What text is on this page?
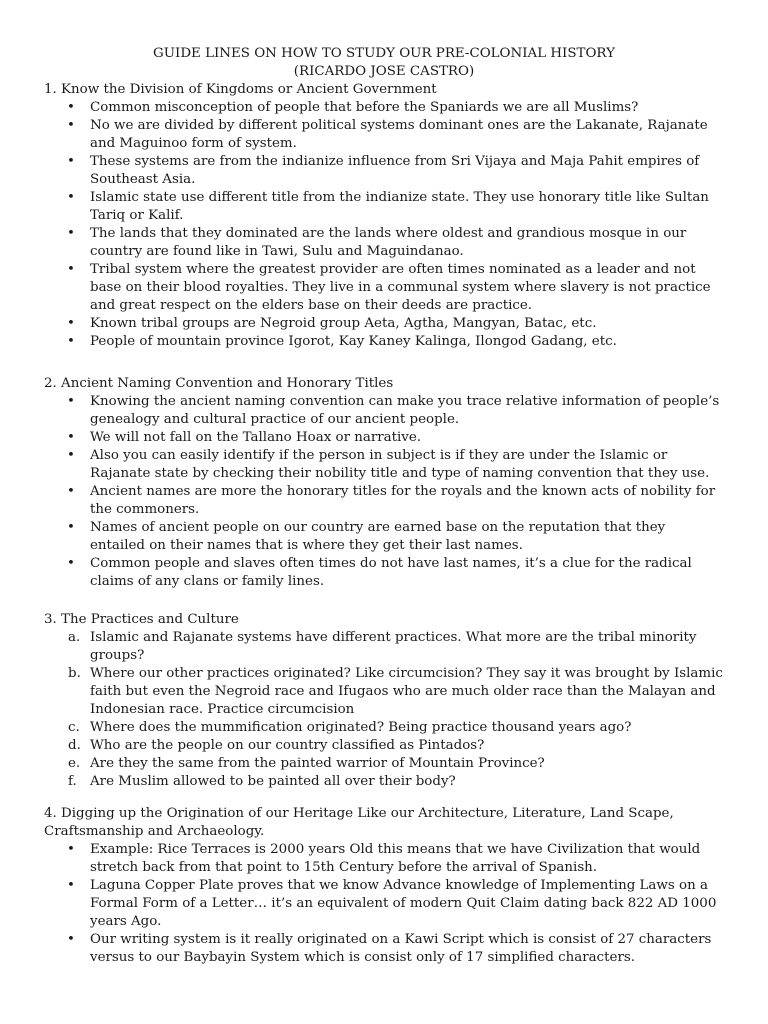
GUIDE LINES ON HOW TO STUDY OUR PRE-COLONIAL HISTORY

(RICARDO JOSE CASTRO)

1. Know the Division of Kingdoms or Ancient Government

• Common misconception of people that before the Spaniards we are all Muslims?
• No we are divided by different political systems dominant ones are the Lakanate, Rajanate and Maguinoo form of system.
• These systems are from the indianize influence from Sri Vijaya and Maja Pahit empires of Southeast Asia.
• Islamic state use different title from the indianize state. They use honorary title like Sultan Tariq or Kalif.
• The lands that they dominated are the lands where oldest and grandious mosque in our country are found like in Tawi, Sulu and Maguindanao.
• Tribal system where the greatest provider are often times nominated as a leader and not base on their blood royalties. They live in a communal system where slavery is not practice and great respect on the elders base on their deeds are practice.
• Known tribal groups are Negroid group Aeta, Agtha, Mangyan, Batac, etc.
• People of mountain province Igorot, Kay Kaney Kalinga, Ilongod Gadang, etc.

2. Ancient Naming Convention and Honorary Titles

• Knowing the ancient naming convention can make you trace relative information of people’s genealogy and cultural practice of our ancient people.
• We will not fall on the Tallano Hoax or narrative.
• Also you can easily identify if the person in subject is if they are under the Islamic or Rajanate state by checking their nobility title and type of naming convention that they use.
• Ancient names are more the honorary titles for the royals and the known acts of nobility for the commoners.
• Names of ancient people on our country are earned base on the reputation that they entailed on their names that is where they get their last names.
• Common people and slaves often times do not have last names, it’s a clue for the radical claims of any clans or family lines.

3. The Practices and Culture

a. Islamic and Rajanate systems have different practices. What more are the tribal minority groups?
b. Where our other practices originated? Like circumcision? They say it was brought by Islamic faith but even the Negroid race and Ifugaos who are much older race than the Malayan and Indonesian race. Practice circumcision
c. Where does the mummification originated? Being practice thousand years ago?
d. Who are the people on our country classified as Pintados?
e. Are they the same from the painted warrior of Mountain Province?
f. Are Muslim allowed to be painted all over their body?

4. Digging up the Origination of our Heritage Like our Architecture, Literature, Land Scape, Craftsmanship and Archaeology.

• Example: Rice Terraces is 2000 years Old this means that we have Civilization that would stretch back from that point to 15th Century before the arrival of Spanish.
• Laguna Copper Plate proves that we know Advance knowledge of Implementing Laws on a Formal Form of a Letter… it’s an equivalent of modern Quit Claim dating back 822 AD 1000 years Ago.
• Our writing system is it really originated on a Kawi Script which is consist of 27 characters versus to our Baybayin System which is consist only of 17 simplified characters.
